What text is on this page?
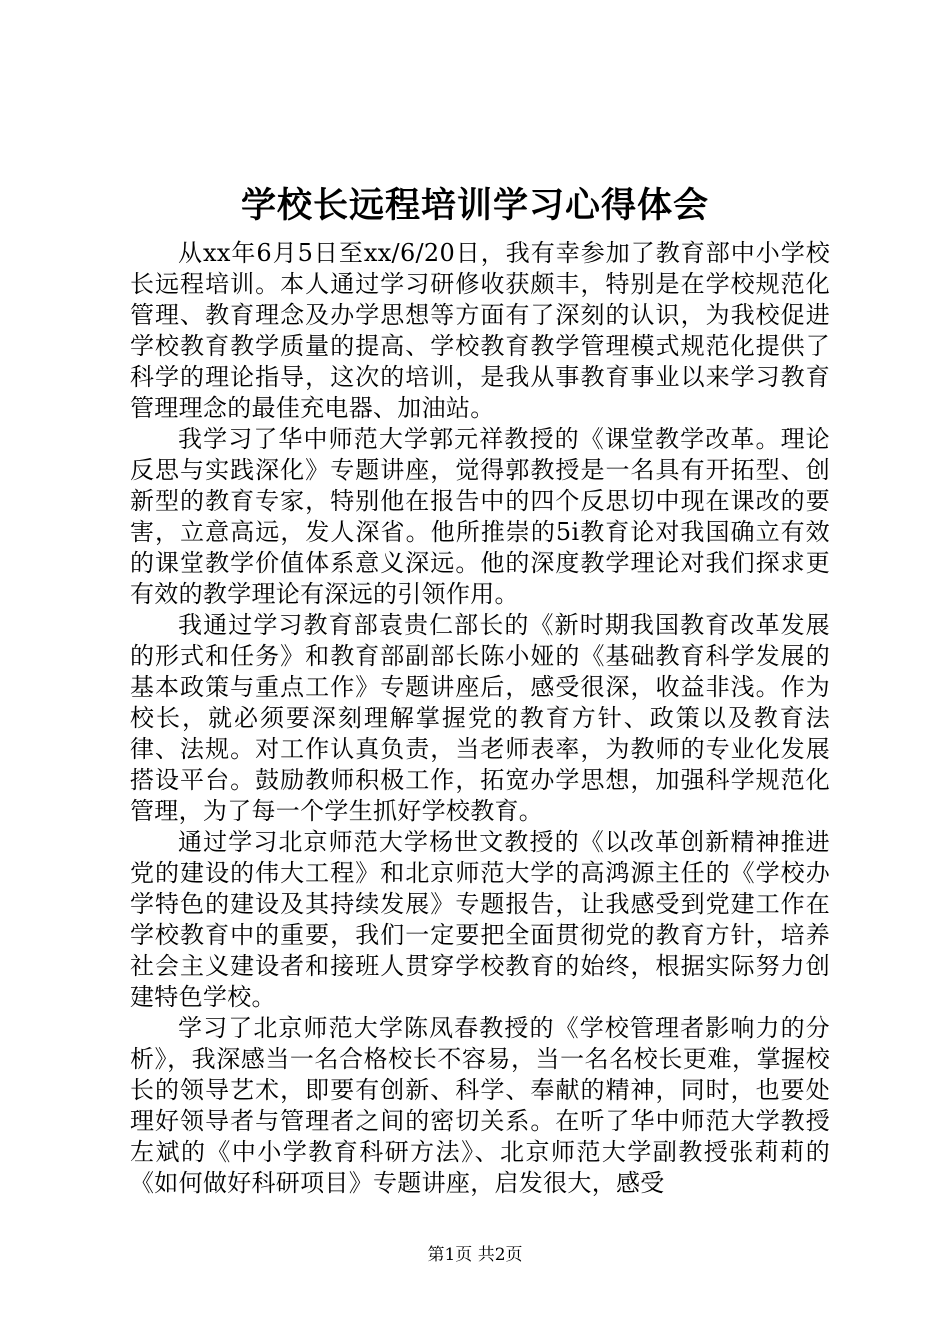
学校长远程培训学习心得体会

从xx年6月5日至xx/6/20日，我有幸参加了教育部中小学校长远程培训。本人通过学习研修收获颇丰，特别是在学校规范化管理、教育理念及办学思想等方面有了深刻的认识，为我校促进学校教育教学质量的提高、学校教育教学管理模式规范化提供了科学的理论指导，这次的培训，是我从事教育事业以来学习教育管理理念的最佳充电器、加油站。

我学习了华中师范大学郭元祥教授的《课堂教学改革。理论反思与实践深化》专题讲座，觉得郭教授是一名具有开拓型、创新型的教育专家，特别他在报告中的四个反思切中现在课改的要害，立意高远，发人深省。他所推崇的5i教育论对我国确立有效的课堂教学价值体系意义深远。他的深度教学理论对我们探求更有效的教学理论有深远的引领作用。

我通过学习教育部袁贵仁部长的《新时期我国教育改革发展的形式和任务》和教育部副部长陈小娅的《基础教育科学发展的基本政策与重点工作》专题讲座后，感受很深，收益非浅。作为校长，就必须要深刻理解掌握党的教育方针、政策以及教育法律、法规。对工作认真负责，当老师表率，为教师的专业化发展搭设平台。鼓励教师积极工作，拓宽办学思想，加强科学规范化管理，为了每一个学生抓好学校教育。

通过学习北京师范大学杨世文教授的《以改革创新精神推进党的建设的伟大工程》和北京师范大学的高鸿源主任的《学校办学特色的建设及其持续发展》专题报告，让我感受到党建工作在学校教育中的重要，我们一定要把全面贯彻党的教育方针，培养社会主义建设者和接班人贯穿学校教育的始终，根据实际努力创建特色学校。

学习了北京师范大学陈凤春教授的《学校管理者影响力的分析》，我深感当一名合格校长不容易，当一名名校长更难，掌握校长的领导艺术，即要有创新、科学、奉献的精神，同时，也要处理好领导者与管理者之间的密切关系。在听了华中师范大学教授左斌的《中小学教育科研方法》、北京师范大学副教授张莉莉的《如何做好科研项目》专题讲座，启发很大，感受

第1页 共2页
